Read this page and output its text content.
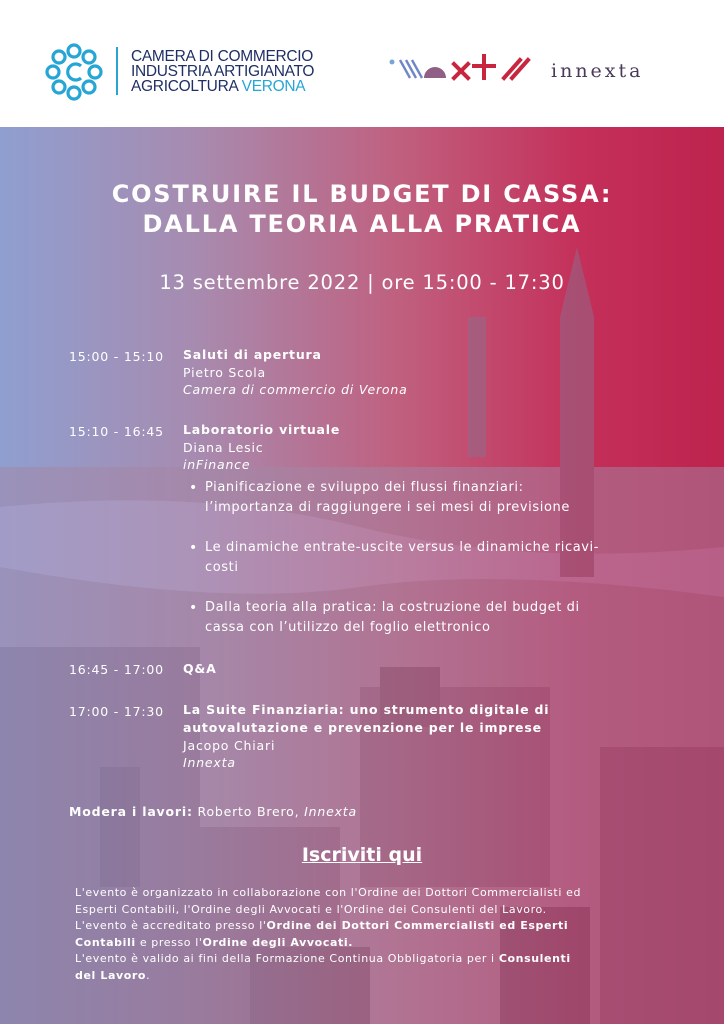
CAMERA DI COMMERCIO
INDUSTRIA ARTIGIANATO
AGRICOLTURA VERONA
innexta
COSTRUIRE IL BUDGET DI CASSA:
DALLA TEORIA ALLA PRATICA
13 settembre 2022 | ore 15:00 - 17:30
15:00 - 15:10 Saluti di apertura
Pietro Scola
Camera di commercio di Verona
15:10 - 16:45 Laboratorio virtuale
Diana Lesic
inFinance
• Pianificazione e sviluppo dei flussi finanziari:
l’importanza di raggiungere i sei mesi di previsione
• Le dinamiche entrate-uscite versus le dinamiche ricavi-
costi
• Dalla teoria alla pratica: la costruzione del budget di
cassa con l’utilizzo del foglio elettronico
16:45 - 17:00 Q&A
17:00 - 17:30 La Suite Finanziaria: uno strumento digitale di
autovalutazione e prevenzione per le imprese
Jacopo Chiari
Innexta
Modera i lavori: Roberto Brero, Innexta
Iscriviti qui
L'evento è organizzato in collaborazione con l'Ordine dei Dottori Commercialisti ed
Esperti Contabili, l'Ordine degli Avvocati e l'Ordine dei Consulenti del Lavoro.
L'evento è accreditato presso l'Ordine dei Dottori Commercialisti ed Esperti
Contabili e presso l'Ordine degli Avvocati.
L'evento è valido ai fini della Formazione Continua Obbligatoria per i Consulenti
del Lavoro.
